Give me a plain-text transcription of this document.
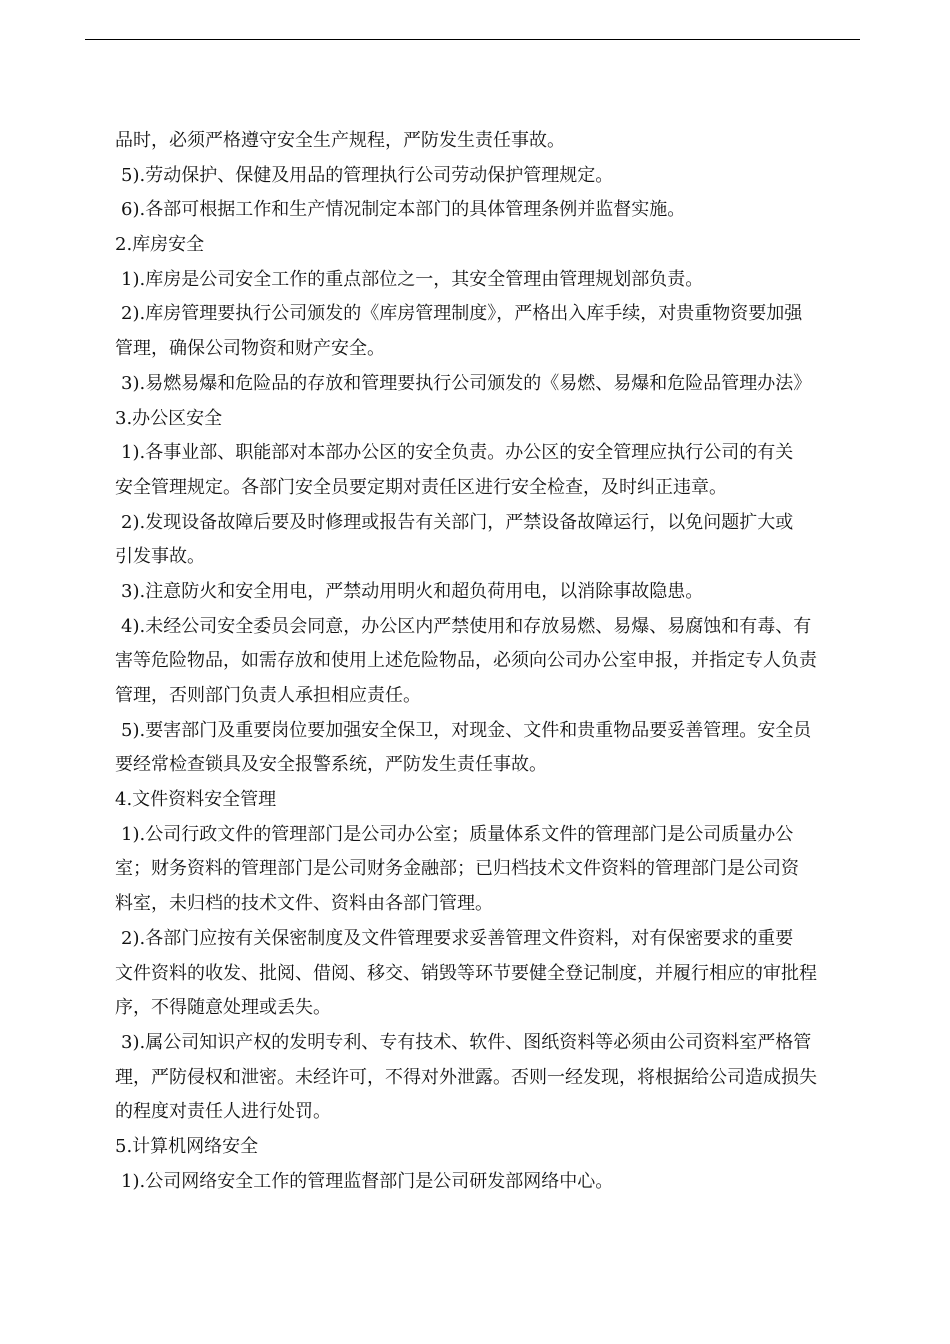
品时，必须严格遵守安全生产规程，严防发生责任事故。
5).劳动保护、保健及用品的管理执行公司劳动保护管理规定。
6).各部可根据工作和生产情况制定本部门的具体管理条例并监督实施。
2.库房安全
1).库房是公司安全工作的重点部位之一，其安全管理由管理规划部负责。
2).库房管理要执行公司颁发的《库房管理制度》，严格出入库手续，对贵重物资要加强
管理，确保公司物资和财产安全。
3).易燃易爆和危险品的存放和管理要执行公司颁发的《易燃、易爆和危险品管理办法》
3.办公区安全
1).各事业部、职能部对本部办公区的安全负责。办公区的安全管理应执行公司的有关
安全管理规定。各部门安全员要定期对责任区进行安全检查，及时纠正违章。
2).发现设备故障后要及时修理或报告有关部门，严禁设备故障运行，以免问题扩大或
引发事故。
3).注意防火和安全用电，严禁动用明火和超负荷用电，以消除事故隐患。
4).未经公司安全委员会同意，办公区内严禁使用和存放易燃、易爆、易腐蚀和有毒、有
害等危险物品，如需存放和使用上述危险物品，必须向公司办公室申报，并指定专人负责
管理，否则部门负责人承担相应责任。
5).要害部门及重要岗位要加强安全保卫，对现金、文件和贵重物品要妥善管理。安全员
要经常检查锁具及安全报警系统，严防发生责任事故。
4.文件资料安全管理
1).公司行政文件的管理部门是公司办公室；质量体系文件的管理部门是公司质量办公
室；财务资料的管理部门是公司财务金融部；已归档技术文件资料的管理部门是公司资
料室，未归档的技术文件、资料由各部门管理。
2).各部门应按有关保密制度及文件管理要求妥善管理文件资料，对有保密要求的重要
文件资料的收发、批阅、借阅、移交、销毁等环节要健全登记制度，并履行相应的审批程
序，不得随意处理或丢失。
3).属公司知识产权的发明专利、专有技术、软件、图纸资料等必须由公司资料室严格管
理，严防侵权和泄密。未经许可，不得对外泄露。否则一经发现，将根据给公司造成损失
的程度对责任人进行处罚。
5.计算机网络安全
1).公司网络安全工作的管理监督部门是公司研发部网络中心。
